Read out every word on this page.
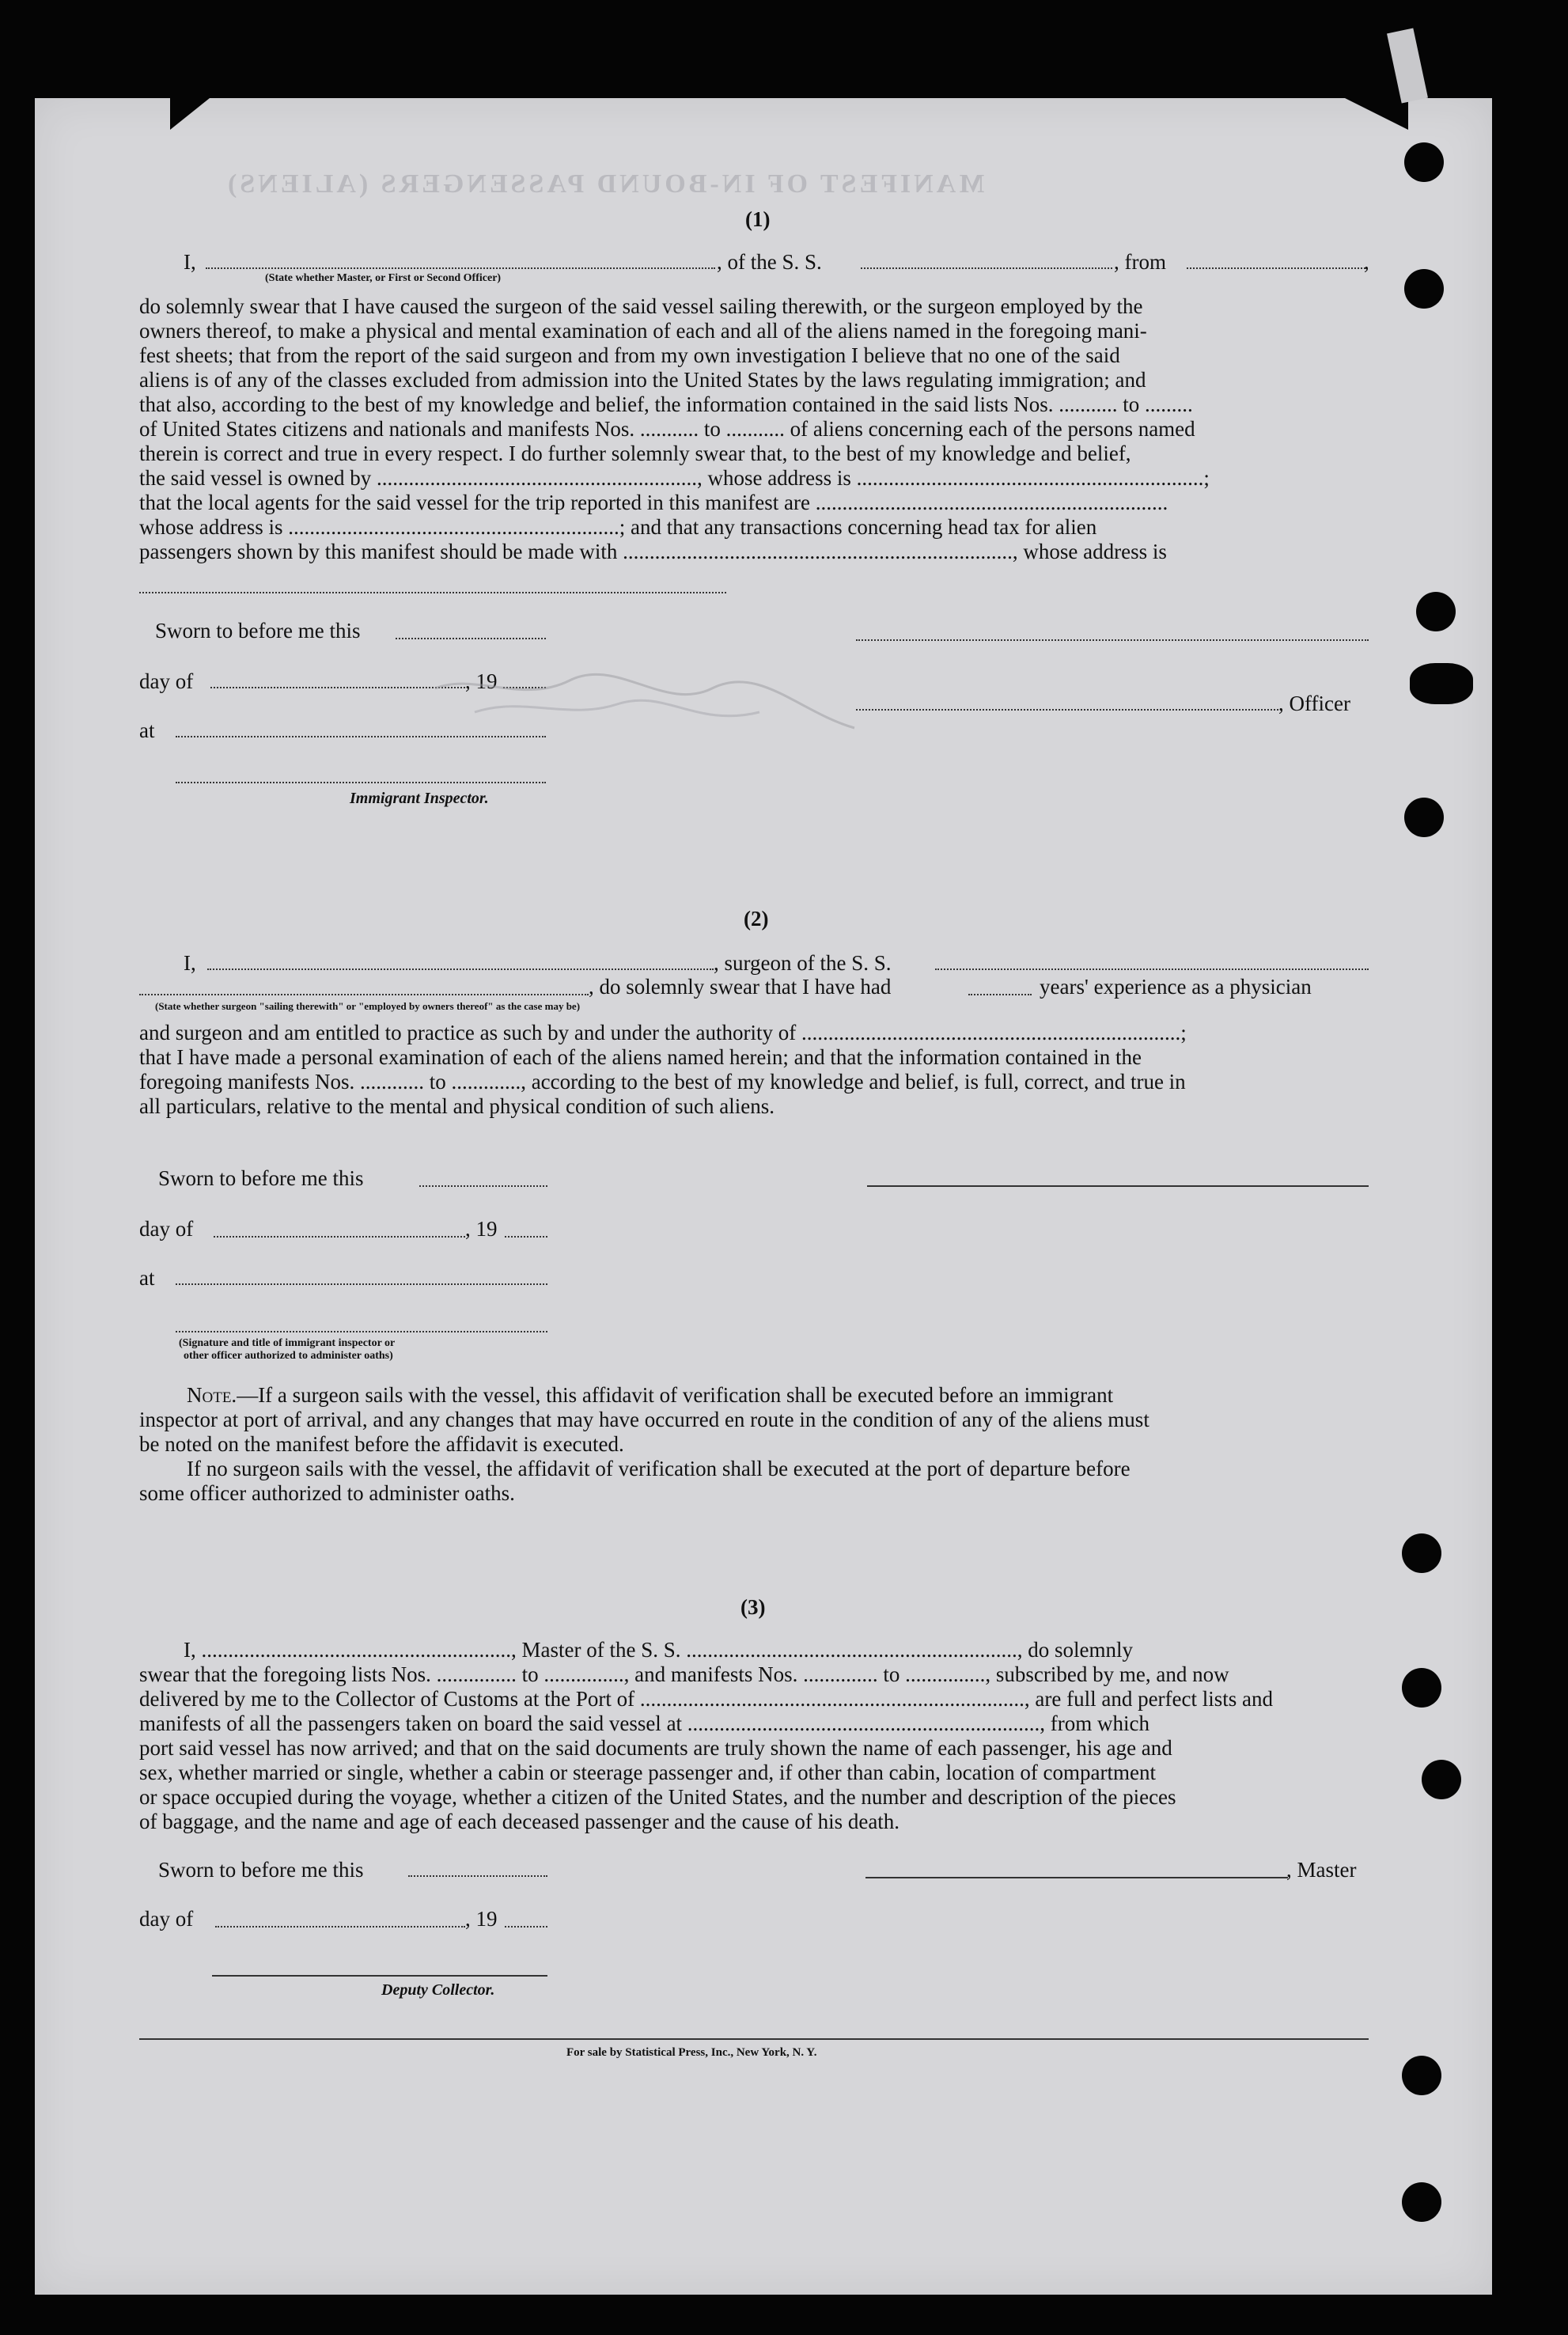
MANIFEST OF IN-BOUND PASSENGERS (ALIENS)
(1)
I,
(State whether Master, or First or Second Officer)
, of the S. S.	, from	,
do solemnly swear that I have caused the surgeon of the said vessel sailing therewith, or the surgeon employed by the
owners thereof, to make a physical and mental examination of each and all of the aliens named in the foregoing mani-
fest sheets; that from the report of the said surgeon and from my own investigation I believe that no one of the said
aliens is of any of the classes excluded from admission into the United States by the laws regulating immigration; and
that also, according to the best of my knowledge and belief, the information contained in the said lists Nos. ........... to .........
of United States citizens and nationals and manifests Nos. ........... to ........... of aliens concerning each of the persons named
therein is correct and true in every respect. I do further solemnly swear that, to the best of my knowledge and belief,
the said vessel is owned by ............................................................, whose address is .................................................................;
that the local agents for the said vessel for the trip reported in this manifest are ..................................................................
whose address is ..............................................................; and that any transactions concerning head tax for alien
passengers shown by this manifest should be made with ........................................................................., whose address is
Sworn to before me this
day of	, 19
, Officer
at
Immigrant Inspector.
(2)
I,	, surgeon of the S. S.
, do solemnly swear that I have had	years' experience as a physician
(State whether surgeon "sailing therewith" or "employed by owners thereof" as the case may be)
and surgeon and am entitled to practice as such by and under the authority of .......................................................................;
that I have made a personal examination of each of the aliens named herein; and that the information contained in the
foregoing manifests Nos. ............ to ............., according to the best of my knowledge and belief, is full, correct, and true in
all particulars, relative to the mental and physical condition of such aliens.
Sworn to before me this
day of	, 19
at
(Signature and title of immigrant inspector or
other officer authorized to administer oaths)
Note.—If a surgeon sails with the vessel, this affidavit of verification shall be executed before an immigrant
inspector at port of arrival, and any changes that may have occurred en route in the condition of any of the aliens must
be noted on the manifest before the affidavit is executed.
If no surgeon sails with the vessel, the affidavit of verification shall be executed at the port of departure before
some officer authorized to administer oaths.
(3)
I, .........................................................., Master of the S. S. .............................................................., do solemnly
swear that the foregoing lists Nos. ............... to ..............., and manifests Nos. .............. to ..............., subscribed by me, and now
delivered by me to the Collector of Customs at the Port of ........................................................................, are full and perfect lists and
manifests of all the passengers taken on board the said vessel at .................................................................., from which
port said vessel has now arrived; and that on the said documents are truly shown the name of each passenger, his age and
sex, whether married or single, whether a cabin or steerage passenger and, if other than cabin, location of compartment
or space occupied during the voyage, whether a citizen of the United States, and the number and description of the pieces
of baggage, and the name and age of each deceased passenger and the cause of his death.
Sworn to before me this	, Master
day of	, 19
Deputy Collector.
For sale by Statistical Press, Inc., New York, N. Y.
